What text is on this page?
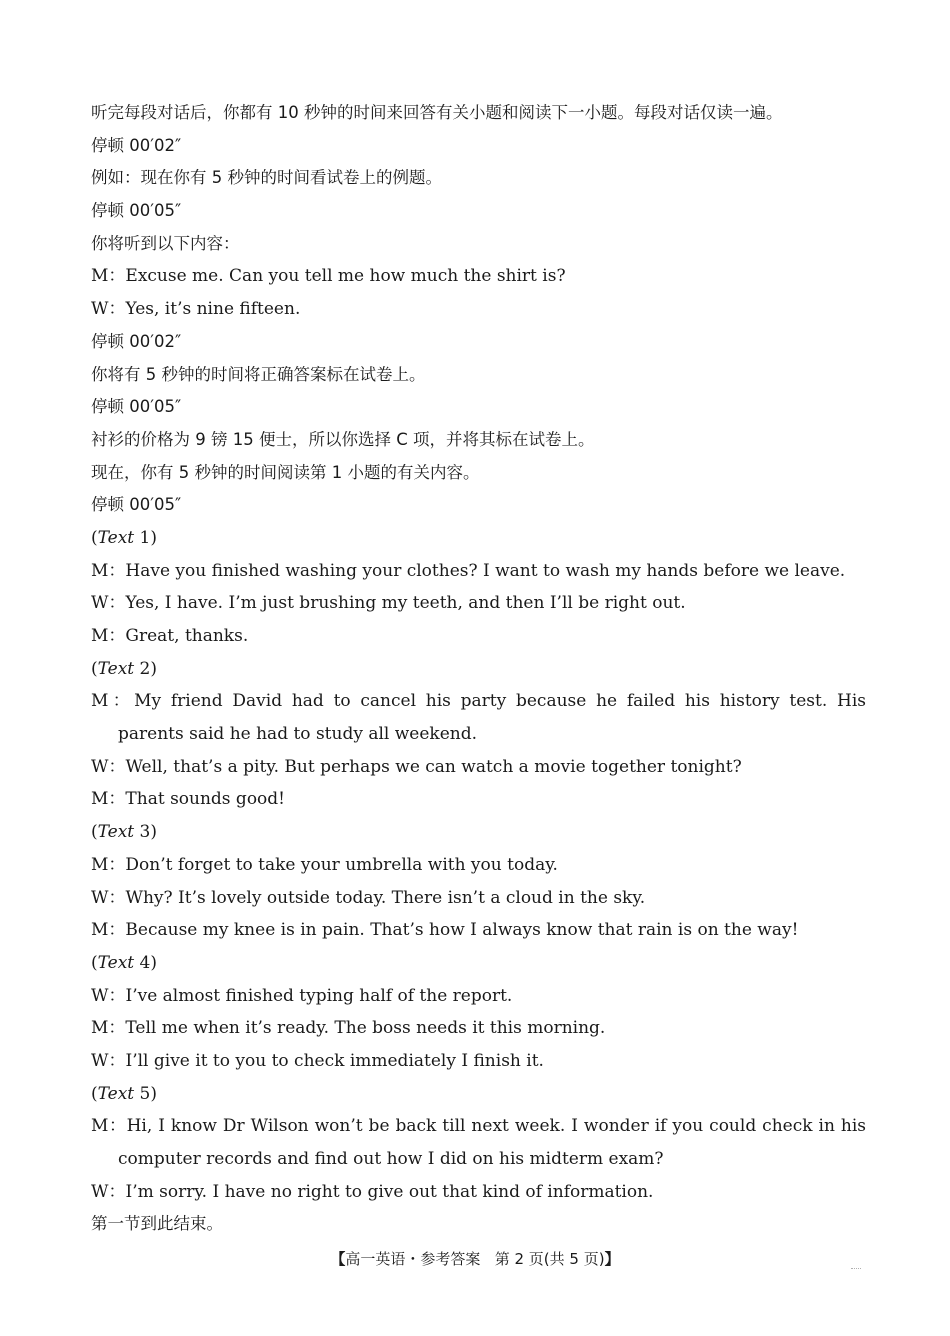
听完每段对话后，你都有 10 秒钟的时间来回答有关小题和阅读下一小题。每段对话仅读一遍。
停顿 00′02″
例如：现在你有 5 秒钟的时间看试卷上的例题。
停顿 00′05″
你将听到以下内容：
M：Excuse me. Can you tell me how much the shirt is?
W：Yes, it’s nine fifteen.
停顿 00′02″
你将有 5 秒钟的时间将正确答案标在试卷上。
停顿 00′05″
衬衫的价格为 9 镑 15 便士，所以你选择 C 项，并将其标在试卷上。
现在，你有 5 秒钟的时间阅读第 1 小题的有关内容。
停顿 00′05″
(Text 1)
M：Have you finished washing your clothes? I want to wash my hands before we leave.
W：Yes, I have. I’m just brushing my teeth, and then I’ll be right out.
M：Great, thanks.
(Text 2)
M：My friend David had to cancel his party because he failed his history test. His parents said he had to study all weekend.
W：Well, that’s a pity. But perhaps we can watch a movie together tonight?
M：That sounds good!
(Text 3)
M：Don’t forget to take your umbrella with you today.
W：Why? It’s lovely outside today. There isn’t a cloud in the sky.
M：Because my knee is in pain. That’s how I always know that rain is on the way!
(Text 4)
W：I’ve almost finished typing half of the report.
M：Tell me when it’s ready. The boss needs it this morning.
W：I’ll give it to you to check immediately I finish it.
(Text 5)
M：Hi, I know Dr Wilson won’t be back till next week. I wonder if you could check in his computer records and find out how I did on his midterm exam?
W：I’m sorry. I have no right to give out that kind of information.
第一节到此结束。
【高一英语・参考答案 第 2 页(共 5 页)】
